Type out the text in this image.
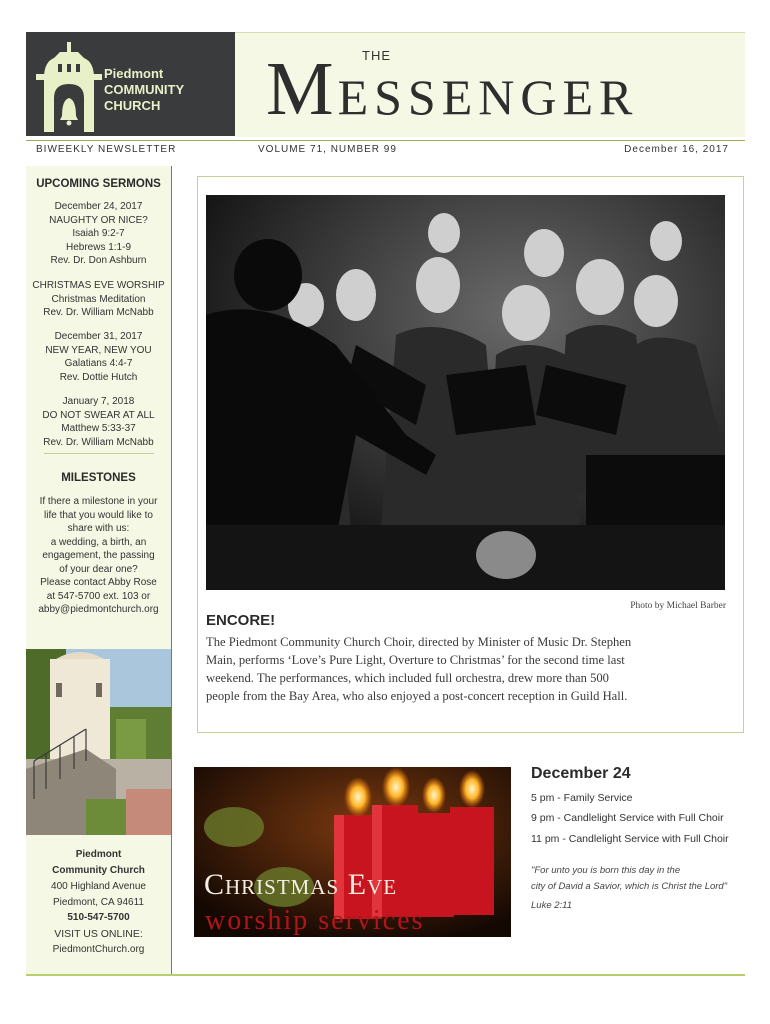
Piedmont
COMMUNITY
CHURCH
THE
MESSENGER
BIWEEKLY NEWSLETTER	VOLUME 71, NUMBER 99	December 16, 2017
UPCOMING SERMONS
December 24, 2017
NAUGHTY OR NICE?
Isaiah 9:2-7
Hebrews 1:1-9
Rev. Dr. Don Ashburn
CHRISTMAS EVE WORSHIP
Christmas Meditation
Rev. Dr. William McNabb
December 31, 2017
NEW YEAR, NEW YOU
Galatians 4:4-7
Rev. Dottie Hutch
January 7, 2018
DO NOT SWEAR AT ALL
Matthew 5:33-37
Rev. Dr. William McNabb
MILESTONES
If there a milestone in your
life that you would like to
share with us:
a wedding, a birth, an
engagement, the passing
of your dear one?
Please contact Abby Rose
at 547-5700 ext. 103 or
abby@piedmontchurch.org
Piedmont
Community Church
400 Highland Avenue
Piedmont, CA 94611
510-547-5700
VISIT US ONLINE:
PiedmontChurch.org
Photo by Michael Barber
ENCORE!
The Piedmont Community Church Choir, directed by Minister of Music Dr. Stephen
Main, performs ‘Love’s Pure Light, Overture to Christmas’ for the second time last
weekend. The performances, which included full orchestra, drew more than 500
people from the Bay Area, who also enjoyed a post-concert reception in Guild Hall.
Christmas Eve
worship services
December 24
5 pm - Family Service
9 pm - Candlelight Service with Full Choir
11 pm - Candlelight Service with Full Choir
"For unto you is born this day in the
city of David a Savior, which is Christ the Lord"
Luke 2:11
